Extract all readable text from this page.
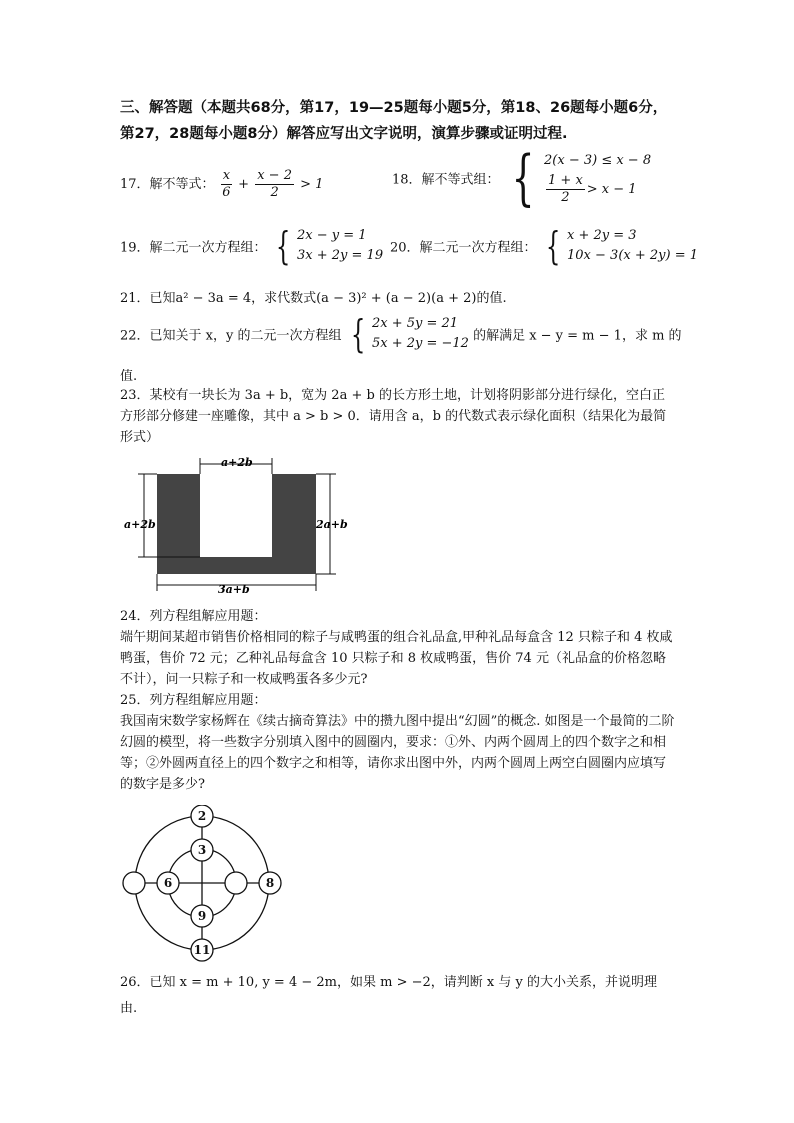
三、解答题（本题共68分，第17，19—25题每小题5分，第18、26题每小题6分，第27，28题每小题8分）解答应写出文字说明，演算步骤或证明过程.
17．解不等式： $\frac{x}{6} + \frac{x - 2}{2} > 1$	18．解不等式组： { 2(x − 3) ≤ x − 8
$\frac{1 + x}{2} > x - 1$
19．解二元一次方程组： { 2x − y = 1
3x + 2y = 19 20．解二元一次方程组： { x + 2y = 3
10x − 3(x + 2y) = 1
21．已知a² − 3a = 4，求代数式(a − 3)² + (a − 2)(a + 2)的值.
22．已知关于 x，y 的二元一次方程组 { 2x + 5y = 21
5x + 2y = −12 的解满足 x − y = m − 1，求 m 的
值.
23．某校有一块长为 3a + b，宽为 2a + b 的长方形土地，计划将阴影部分进行绿化，空白正方形部分修建一座雕像，其中 a > b > 0．请用含 a，b 的代数式表示绿化面积（结果化为最简形式）
a+2b
a+2b	2a+b
3a+b
24．列方程组解应用题：
端午期间某超市销售价格相同的粽子与咸鸭蛋的组合礼品盒,甲种礼品每盒含 12 只粽子和 4 枚咸鸭蛋，售价 72 元；乙种礼品每盒含 10 只粽子和 8 枚咸鸭蛋，售价 74 元（礼品盒的价格忽略不计），问一只粽子和一枚咸鸭蛋各多少元?
25．列方程组解应用题：
我国南宋数学家杨辉在《续古摘奇算法》中的攒九图中提出“幻圆”的概念. 如图是一个最简的二阶幻圆的模型，将一些数字分别填入图中的圆圈内，要求：①外、内两个圆周上的四个数字之和相等；②外圆两直径上的四个数字之和相等，请你求出图中外，内两个圆周上两空白圆圈内应填写的数字是多少?
2
3
6	8
9
11
26．已知 x = m + 10, y = 4 − 2m，如果 m > −2，请判断 x 与 y 的大小关系，并说明理
由.
